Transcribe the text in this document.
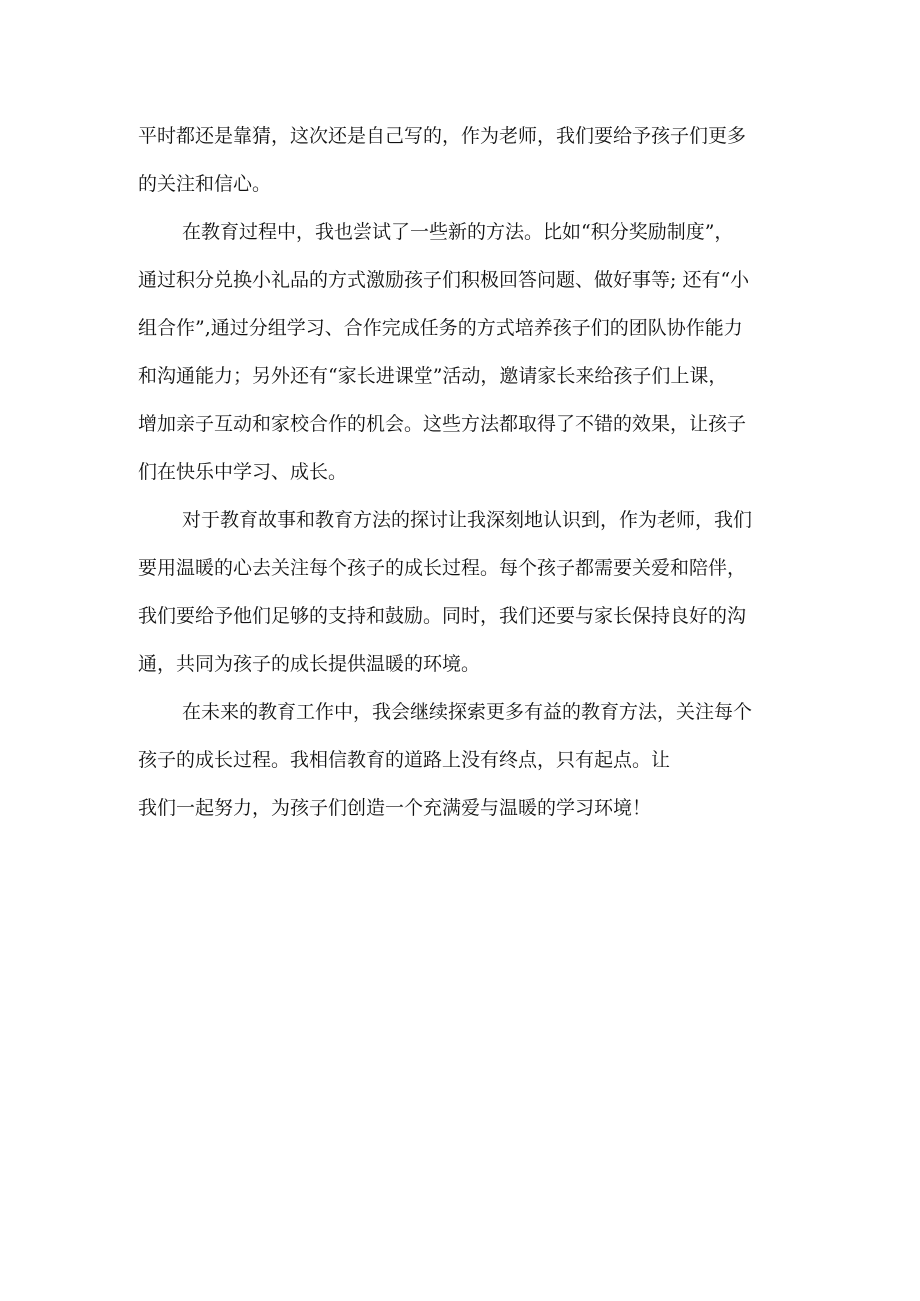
平时都还是靠猜，这次还是自己写的，作为老师，我们要给予孩子们更多
的关注和信心。

在教育过程中，我也尝试了一些新的方法。比如“积分奖励制度”，
通过积分兑换小礼品的方式激励孩子们积极回答问题、做好事等; 还有“小
组合作”,通过分组学习、合作完成任务的方式培养孩子们的团队协作能力
和沟通能力；另外还有“家长进课堂”活动，邀请家长来给孩子们上课，
增加亲子互动和家校合作的机会。这些方法都取得了不错的效果，让孩子
们在快乐中学习、成长。

对于教育故事和教育方法的探讨让我深刻地认识到，作为老师，我们
要用温暖的心去关注每个孩子的成长过程。每个孩子都需要关爱和陪伴，
我们要给予他们足够的支持和鼓励。同时，我们还要与家长保持良好的沟
通，共同为孩子的成长提供温暖的环境。

在未来的教育工作中，我会继续探索更多有益的教育方法，关注每个
孩子的成长过程。我相信教育的道路上没有终点，只有起点。让
我们一起努力，为孩子们创造一个充满爱与温暖的学习环境！
